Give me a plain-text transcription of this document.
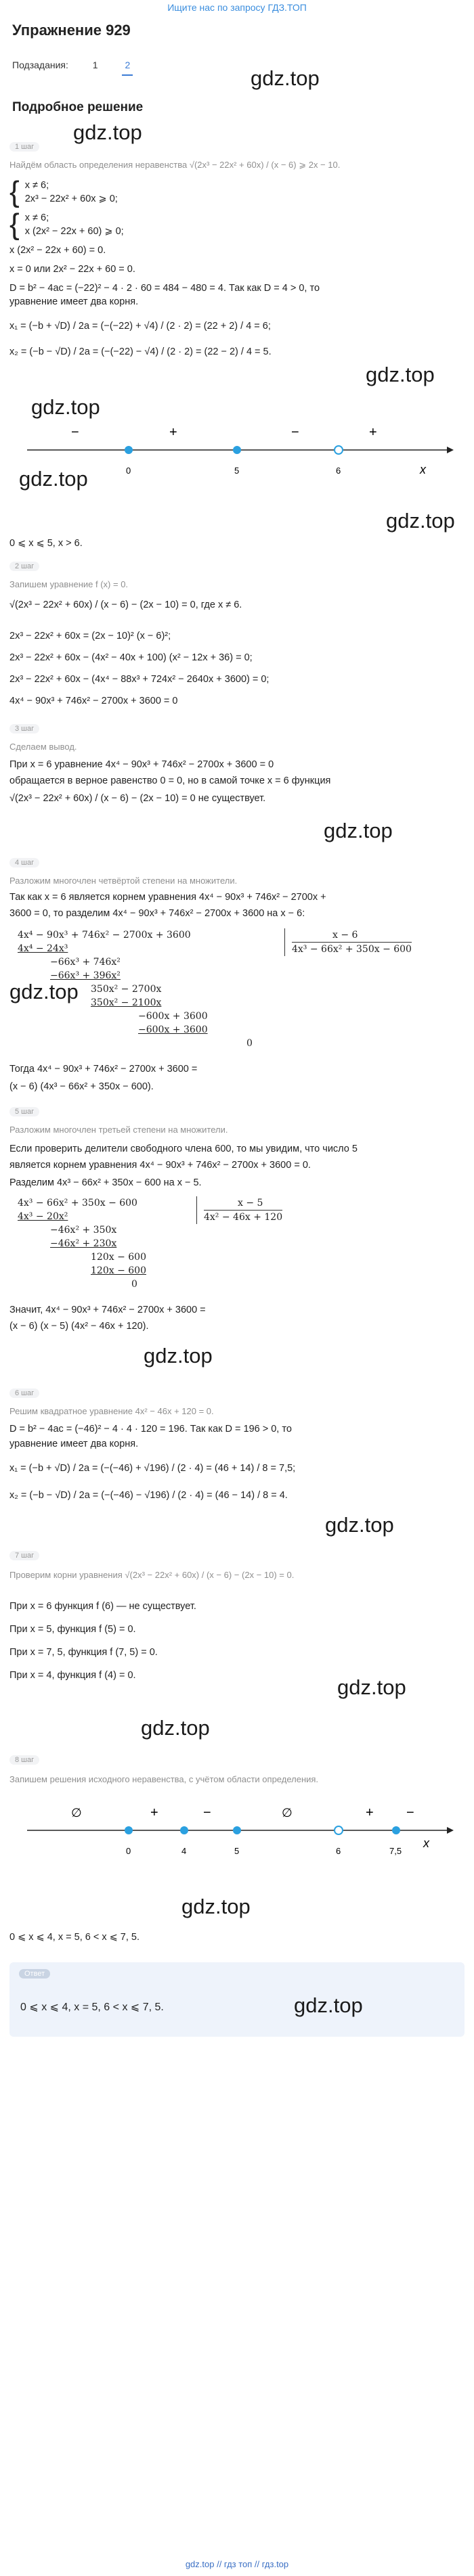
Ищите нас по запросу ГДЗ.ТОП
Упражнение 929
Подзадания:	1	2
gdz.top
Подробное решение
gdz.top
1 шаг
Найдём область определения неравенства √(2x³ − 22x² + 60x) / (x − 6) ⩾ 2x − 10.
{ x ≠ 6;
2x³ − 22x² + 60x ⩾ 0;
{ x ≠ 6;
x (2x² − 22x + 60) ⩾ 0;
x (2x² − 22x + 60) = 0.
x = 0 или 2x² − 22x + 60 = 0.
D = b² − 4ac = (−22)² − 4 · 2 · 60 = 484 − 480 = 4. Так как D = 4 > 0, то
уравнение имеет два корня.
x₁ = (−b + √D) / 2a = (−(−22) + √4) / (2 · 2) = (22 + 2) / 4 = 6;
x₂ = (−b − √D) / 2a = (−(−22) − √4) / (2 · 2) = (22 − 2) / 4 = 5.
gdz.top
gdz.top
−	+	−	+
0	5	6	x
gdz.top
gdz.top
0 ⩽ x ⩽ 5, x > 6.
2 шаг
Запишем уравнение f (x) = 0.
√(2x³ − 22x² + 60x) / (x − 6) − (2x − 10) = 0, где x ≠ 6.
2x³ − 22x² + 60x = (2x − 10)² (x − 6)²;
2x³ − 22x² + 60x − (4x² − 40x + 100) (x² − 12x + 36) = 0;
2x³ − 22x² + 60x − (4x⁴ − 88x³ + 724x² − 2640x + 3600) = 0;
4x⁴ − 90x³ + 746x² − 2700x + 3600 = 0
3 шаг
Сделаем вывод.
При x = 6 уравнение 4x⁴ − 90x³ + 746x² − 2700x + 3600 = 0
обращается в верное равенство 0 = 0, но в самой точке x = 6 функция
√(2x³ − 22x² + 60x) / (x − 6) − (2x − 10) = 0 не существует.
gdz.top
4 шаг
Разложим многочлен четвёртой степени на множители.
Так как x = 6 является корнем уравнения 4x⁴ − 90x³ + 746x² − 2700x +
3600 = 0, то разделим 4x⁴ − 90x³ + 746x² − 2700x + 3600 на x − 6:
4x⁴ − 90x³ + 746x² − 2700x + 3600
4x⁴ − 24x³
−66x³ + 746x²
−66x³ + 396x²
350x² − 2700x
350x² − 2100x
−600x + 3600
−600x + 3600
0
x − 6
4x³ − 66x² + 350x − 600
gdz.top
Тогда 4x⁴ − 90x³ + 746x² − 2700x + 3600 =
(x − 6) (4x³ − 66x² + 350x − 600).
5 шаг
Разложим многочлен третьей степени на множители.
Если проверить делители свободного члена 600, то мы увидим, что число 5
является корнем уравнения 4x⁴ − 90x³ + 746x² − 2700x + 3600 = 0.
Разделим 4x³ − 66x² + 350x − 600 на x − 5.
4x³ − 66x² + 350x − 600
4x³ − 20x²
−46x² + 350x
−46x² + 230x
120x − 600
120x − 600
0
x − 5
4x² − 46x + 120
Значит, 4x⁴ − 90x³ + 746x² − 2700x + 3600 =
(x − 6) (x − 5) (4x² − 46x + 120).
gdz.top
6 шаг
Решим квадратное уравнение 4x² − 46x + 120 = 0.
D = b² − 4ac = (−46)² − 4 · 4 · 120 = 196. Так как D = 196 > 0, то
уравнение имеет два корня.
x₁ = (−b + √D) / 2a = (−(−46) + √196) / (2 · 4) = (46 + 14) / 8 = 7,5;
x₂ = (−b − √D) / 2a = (−(−46) − √196) / (2 · 4) = (46 − 14) / 8 = 4.
gdz.top
7 шаг
Проверим корни уравнения √(2x³ − 22x² + 60x) / (x − 6) − (2x − 10) = 0.
При x = 6 функция f (6) — не существует.
При x = 5, функция f (5) = 0.
При x = 7, 5, функция f (7, 5) = 0.
При x = 4, функция f (4) = 0.	gdz.top
gdz.top
8 шаг
Запишем решения исходного неравенства, с учётом области определения.
∅	+	−	∅	+ −
0	4	5	6	7,5
x
gdz.top
0 ⩽ x ⩽ 4, x = 5, 6 < x ⩽ 7, 5.
Ответ
0 ⩽ x ⩽ 4, x = 5, 6 < x ⩽ 7, 5.	gdz.top
gdz.top // гдз топ // гдз.top
